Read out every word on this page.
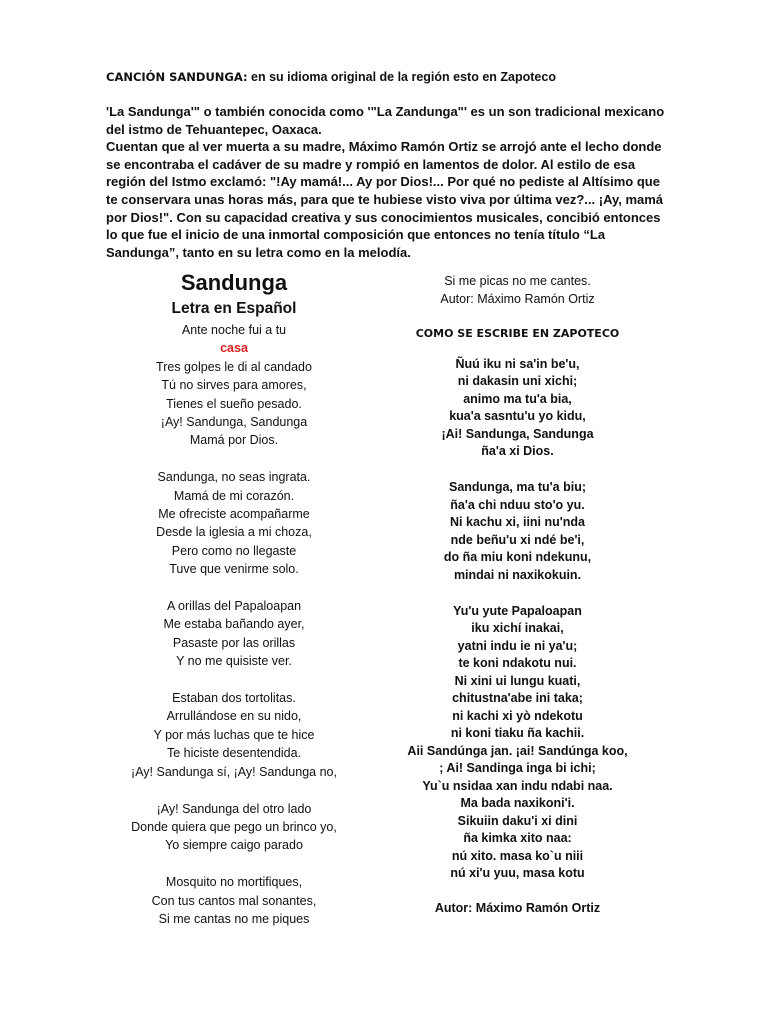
CANCIÓN SANDUNGA: en su idioma original de la región esto en Zapoteco

'La Sandunga'" o también conocida como '"La Zandunga"' es un son tradicional mexicano del istmo de Tehuantepec, Oaxaca.

Cuentan que al ver muerta a su madre, Máximo Ramón Ortiz se arrojó ante el lecho donde se encontraba el cadáver de su madre y rompió en lamentos de dolor. Al estilo de esa región del Istmo exclamó: "!Ay mamá!... Ay por Dios!... Por qué no pediste al Altísimo que te conservara unas horas más, para que te hubiese visto viva por última vez?... ¡Ay, mamá por Dios!". Con su capacidad creativa y sus conocimientos musicales, concibió entonces lo que fue el inicio de una inmortal composición que entonces no tenía título “La Sandunga”, tanto en su letra como en la melodía.

Sandunga
Letra en Español
Ante noche fui a tu
casa
Tres golpes le di al candado
Tú no sirves para amores,
Tienes el sueño pesado.
¡Ay! Sandunga, Sandunga
Mamá por Dios.
Sandunga, no seas ingrata.
Mamá de mi corazón.
Me ofreciste acompañarme
Desde la iglesia a mi choza,
Pero como no llegaste
Tuve que venirme solo.
A orillas del Papaloapan
Me estaba bañando ayer,
Pasaste por las orillas
Y no me quisiste ver.
Estaban dos tortolitas.
Arrullándose en su nido,
Y por más luchas que te hice
Te hiciste desentendida.
¡Ay! Sandunga sí, ¡Ay! Sandunga no,
¡Ay! Sandunga del otro lado
Donde quiera que pego un brinco yo,
Yo siempre caigo parado
Mosquito no mortifiques,
Con tus cantos mal sonantes,
Si me cantas no me piques
Si me picas no me cantes.
Autor: Máximo Ramón Ortiz
COMO SE ESCRIBE EN ZAPOTECO
Ñuú iku ni sa'in be'u,
ni dakasin uni xichi;
animo ma tu'a bia,
kua'a sasntu'u yo kidu,
¡Ai! Sandunga, Sandunga
ña'a xi Dios.
Sandunga, ma tu'a biu;
ña'a chi nduu sto'o yu.
Ni kachu xi, iini nu'nda
nde beñu'u xi ndé be'i,
do ña miu koni ndekunu,
mindai ni naxikokuin.
Yu'u yute Papaloapan
iku xichí inakai,
yatni indu ie ni ya'u;
te koni ndakotu nui.
Ni xini ui lungu kuati,
chitustna'abe ini taka;
ni kachi xi yò ndekotu
ni koni tiaku ña kachii.
Aii Sandúnga jan. ¡ai! Sandúnga koo,
; Ai! Sandinga inga bi ichi;
Yu`u nsidaa xan indu ndabi naa.
Ma bada naxikoni'i.
Sikuiin daku'i xi dini
ña kimka xito naa:
nú xito. masa ko`u niii
nú xi'u yuu, masa kotu
Autor: Máximo Ramón Ortiz
